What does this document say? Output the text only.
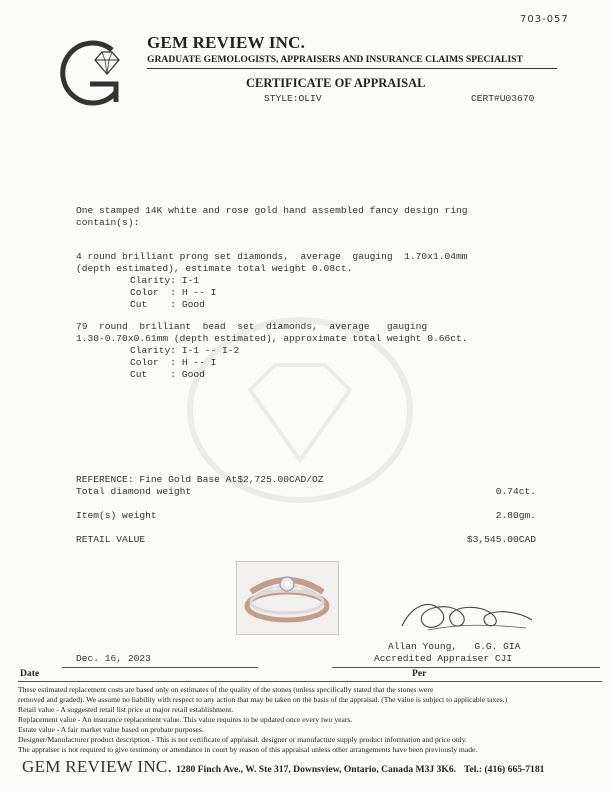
703-057
GEM REVIEW INC.
GRADUATE GEMOLOGISTS, APPRAISERS AND INSURANCE CLAIMS SPECIALIST
CERTIFICATE OF APPRAISAL
STYLE:OLIV	CERT#U03670
One stamped 14K white and rose gold hand assembled fancy design ring
contain(s):
4 round brilliant prong set diamonds,  average  gauging  1.70x1.04mm
(depth estimated), estimate total weight 0.08ct.
Clarity: I-1
Color  : H -- I
Cut    : Good
79  round  brilliant  bead  set  diamonds,  average   gauging
1.30-0.70x0.61mm (depth estimated), approximate total weight 0.66ct.
Clarity: I-1 -- I-2
Color  : H -- I
Cut    : Good
REFERENCE: Fine Gold Base At$2,725.00CAD/OZ
Total diamond weight	0.74ct.
Item(s) weight	2.80gm.
RETAIL VALUE	$3,545.00CAD
Allan Young,   G.G. GIA
Accredited Appraiser CJI
Dec. 16, 2023
Date	Per
These estimated replacement costs are based only on estimates of the quality of the stones (unless specifically stated that the stones were
removed and graded). We assume no liability with respect to any action that may be taken on the basis of the appraisal. (The value is subject to applicable taxes.)
Retail value - A suggested retail list price at major retail establishment.
Replacement value - An insurance replacement value. This value requires to be updated once every two years.
Estate value - A fair market value based on probate purposes.
Designer/Manufacturer product description - This is not certificate of appraisal. designer or manufacture supply product information and price only.
The appraiser is not required to give testimony or attendance in court by reason of this appraisal unless other arrangements have been previously made.
GEM REVIEW INC. 1280 Finch Ave., W. Ste 317, Downsview, Ontario, Canada M3J 3K6. Tel.: (416) 665-7181
